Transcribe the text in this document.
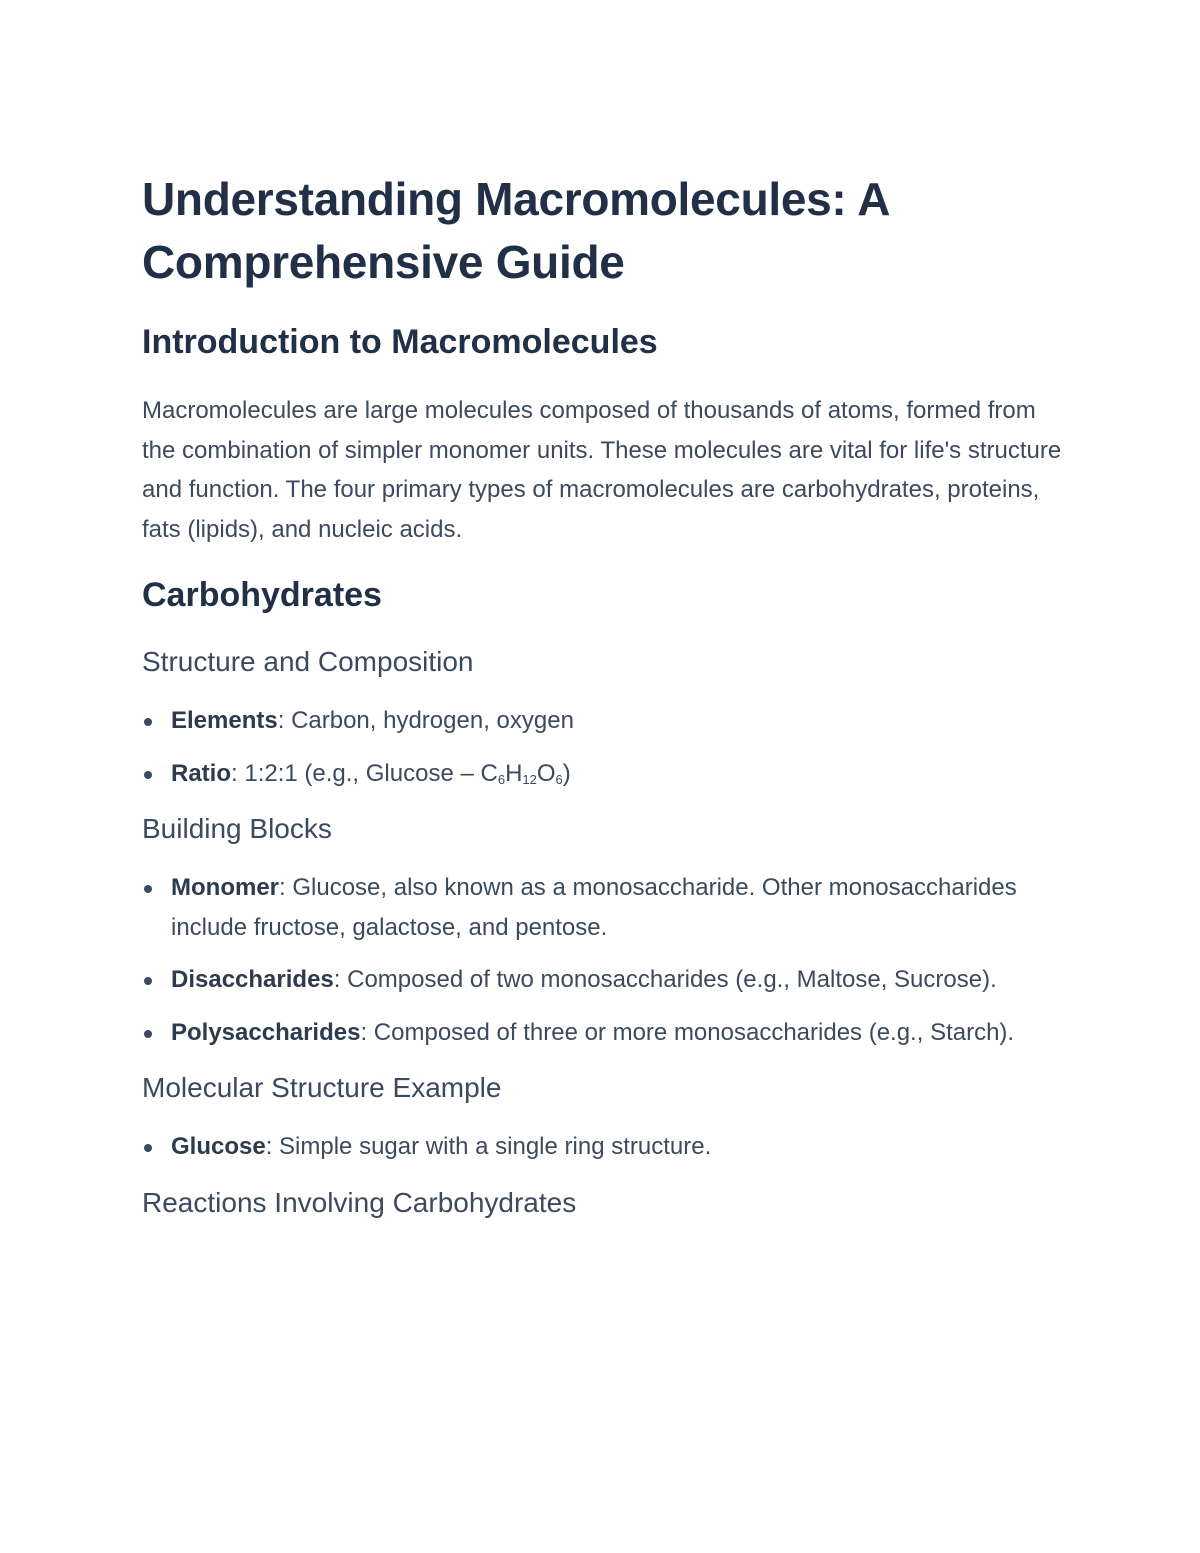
Understanding Macromolecules: A Comprehensive Guide
Introduction to Macromolecules

Macromolecules are large molecules composed of thousands of atoms, formed from the combination of simpler monomer units. These molecules are vital for life's structure and function. The four primary types of macromolecules are carbohydrates, proteins, fats (lipids), and nucleic acids.

Carbohydrates
Structure and Composition
Elements: Carbon, hydrogen, oxygen
Ratio: 1:2:1 (e.g., Glucose – $C_6H_{12}O_6$)
Building Blocks
Monomer: Glucose, also known as a monosaccharide. Other monosaccharides include fructose, galactose, and pentose.
Disaccharides: Composed of two monosaccharides (e.g., Maltose, Sucrose).
Polysaccharides: Composed of three or more monosaccharides (e.g., Starch).
Molecular Structure Example
Glucose: Simple sugar with a single ring structure.
Reactions Involving Carbohydrates
